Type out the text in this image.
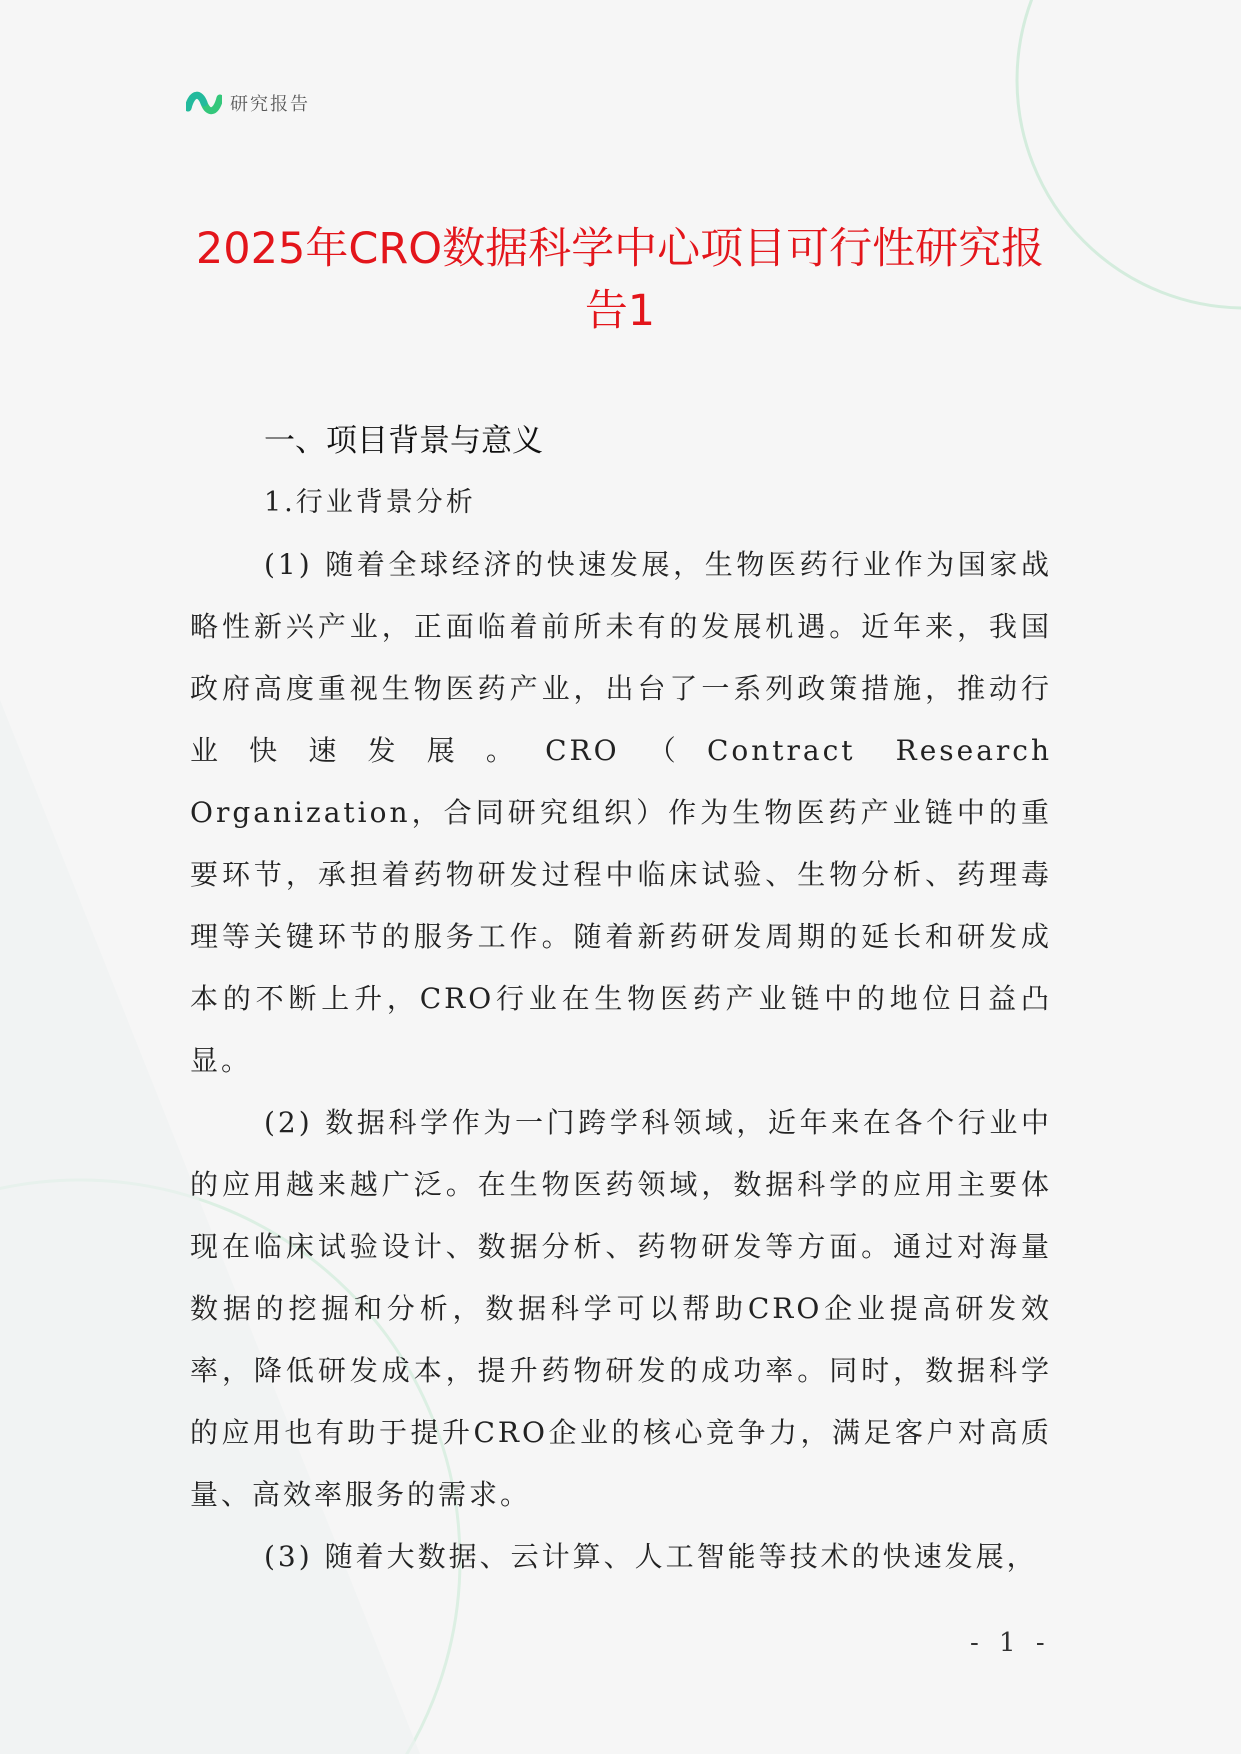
研究报告
2025年CRO数据科学中心项目可行性研究报告1
一、项目背景与意义
1.行业背景分析

(1) 随着全球经济的快速发展，生物医药行业作为国家战略性新兴产业，正面临着前所未有的发展机遇。近年来，我国政府高度重视生物医药产业，出台了一系列政策措施，推动行业快速发展。CRO（Contract Research Organization，合同研究组织）作为生物医药产业链中的重要环节，承担着药物研发过程中临床试验、生物分析、药理毒理等关键环节的服务工作。随着新药研发周期的延长和研发成本的不断上升，CRO行业在生物医药产业链中的地位日益凸显。

(2) 数据科学作为一门跨学科领域，近年来在各个行业中的应用越来越广泛。在生物医药领域，数据科学的应用主要体现在临床试验设计、数据分析、药物研发等方面。通过对海量数据的挖掘和分析，数据科学可以帮助CRO企业提高研发效率，降低研发成本，提升药物研发的成功率。同时，数据科学的应用也有助于提升CRO企业的核心竞争力，满足客户对高质量、高效率服务的需求。

(3) 随着大数据、云计算、人工智能等技术的快速发展，

- 1 -
